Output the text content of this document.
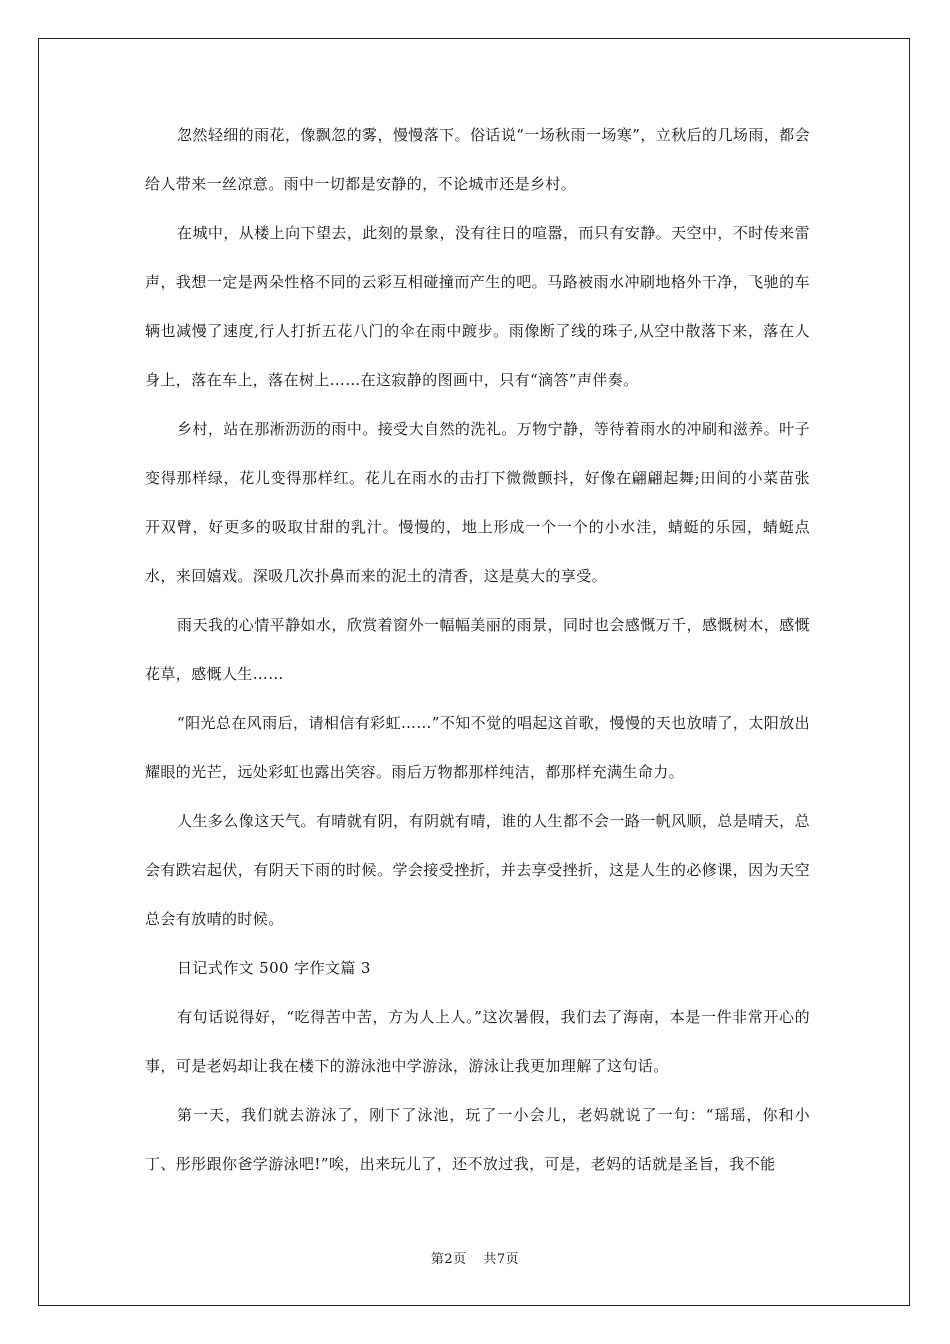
忽然轻细的雨花，像飘忽的雾，慢慢落下。俗话说“一场秋雨一场寒”，立秋后的几场雨，都会给人带来一丝凉意。雨中一切都是安静的，不论城市还是乡村。

在城中，从楼上向下望去，此刻的景象，没有往日的喧嚣，而只有安静。天空中，不时传来雷声，我想一定是两朵性格不同的云彩互相碰撞而产生的吧。马路被雨水冲刷地格外干净，飞驰的车辆也减慢了速度,行人打折五花八门的伞在雨中踱步。雨像断了线的珠子,从空中散落下来，落在人身上，落在车上，落在树上……在这寂静的图画中，只有“滴答”声伴奏。

乡村，站在那淅沥沥的雨中。接受大自然的洗礼。万物宁静，等待着雨水的冲刷和滋养。叶子变得那样绿，花儿变得那样红。花儿在雨水的击打下微微颤抖，好像在翩翩起舞;田间的小菜苗张开双臂，好更多的吸取甘甜的乳汁。慢慢的，地上形成一个一个的小水洼，蜻蜓的乐园，蜻蜓点水，来回嬉戏。深吸几次扑鼻而来的泥土的清香，这是莫大的享受。

雨天我的心情平静如水，欣赏着窗外一幅幅美丽的雨景，同时也会感慨万千，感慨树木，感慨花草，感慨人生……

“阳光总在风雨后，请相信有彩虹……”不知不觉的唱起这首歌，慢慢的天也放晴了，太阳放出耀眼的光芒，远处彩虹也露出笑容。雨后万物都那样纯洁，都那样充满生命力。

人生多么像这天气。有晴就有阴，有阴就有晴，谁的人生都不会一路一帆风顺，总是晴天，总会有跌宕起伏，有阴天下雨的时候。学会接受挫折，并去享受挫折，这是人生的必修课，因为天空总会有放晴的时候。

日记式作文 500 字作文篇 3

有句话说得好，“吃得苦中苦，方为人上人。”这次暑假，我们去了海南，本是一件非常开心的事，可是老妈却让我在楼下的游泳池中学游泳，游泳让我更加理解了这句话。

第一天，我们就去游泳了，刚下了泳池，玩了一小会儿，老妈就说了一句：“瑶瑶，你和小丁、彤彤跟你爸学游泳吧!”唉，出来玩儿了，还不放过我，可是，老妈的话就是圣旨，我不能

第2页 共7页
